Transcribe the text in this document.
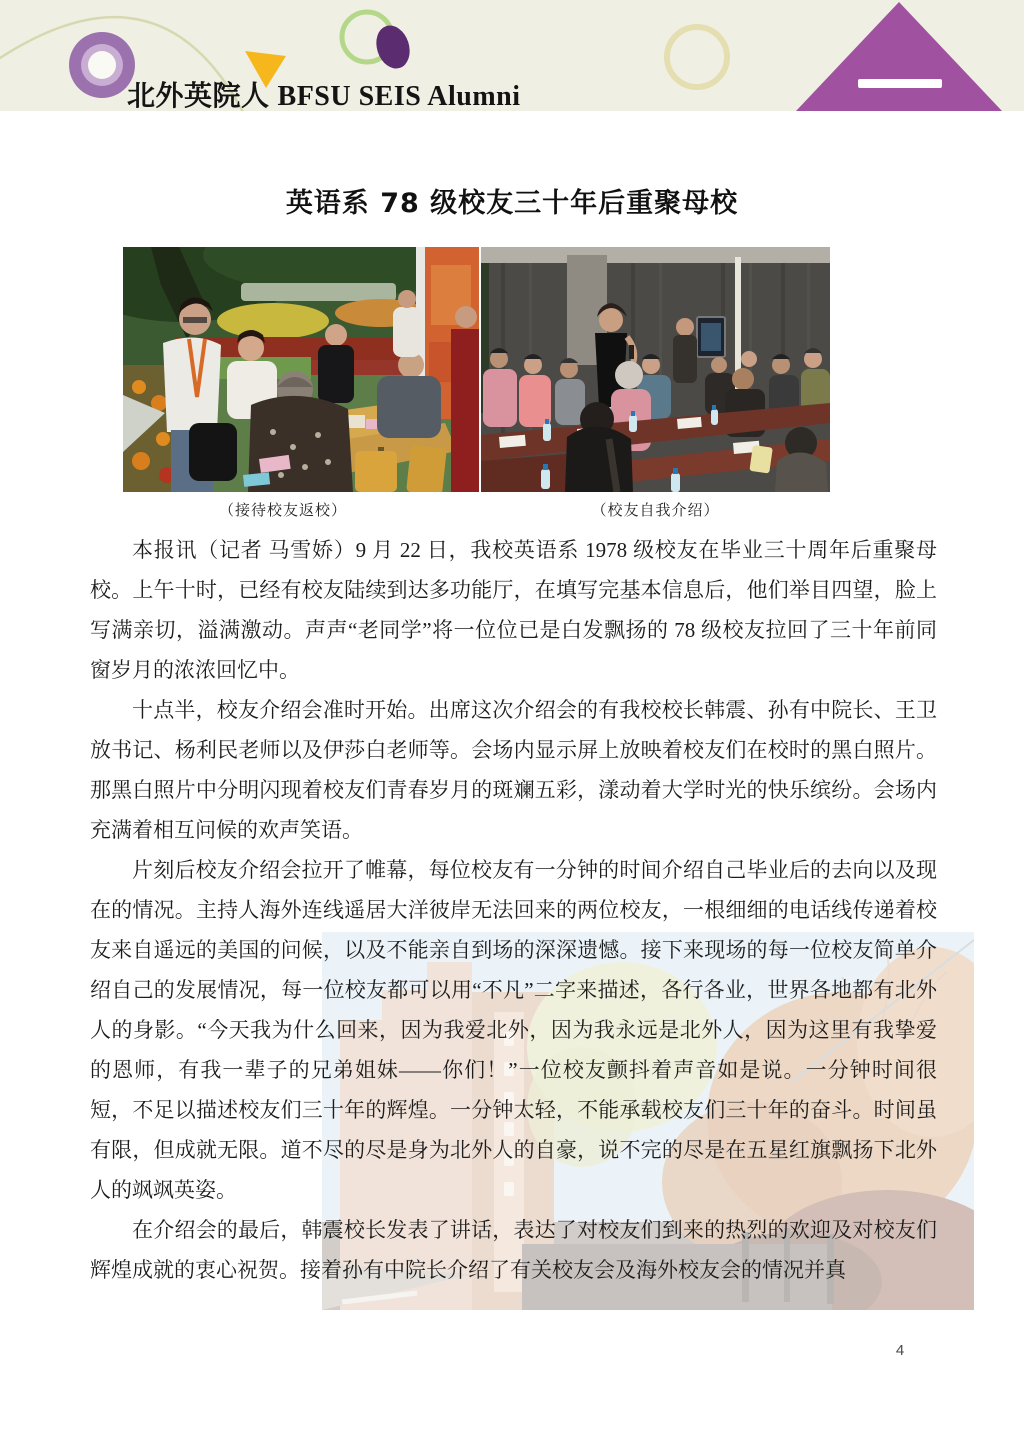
北外英院人 BFSU SEIS Alumni
英语系 78 级校友三十年后重聚母校
（接待校友返校）	（校友自我介绍）

本报讯（记者 马雪娇）9 月 22 日，我校英语系 1978 级校友在毕业三十周年后重聚母校。上午十时，已经有校友陆续到达多功能厅，在填写完基本信息后，他们举目四望，脸上写满亲切，溢满激动。声声“老同学”将一位位已是白发飘扬的 78 级校友拉回了三十年前同窗岁月的浓浓回忆中。

十点半，校友介绍会准时开始。出席这次介绍会的有我校校长韩震、孙有中院长、王卫放书记、杨利民老师以及伊莎白老师等。会场内显示屏上放映着校友们在校时的黑白照片。那黑白照片中分明闪现着校友们青春岁月的斑斓五彩，漾动着大学时光的快乐缤纷。会场内充满着相互问候的欢声笑语。

片刻后校友介绍会拉开了帷幕，每位校友有一分钟的时间介绍自己毕业后的去向以及现在的情况。主持人海外连线遥居大洋彼岸无法回来的两位校友，一根细细的电话线传递着校友来自遥远的美国的问候，以及不能亲自到场的深深遗憾。接下来现场的每一位校友简单介绍自己的发展情况，每一位校友都可以用“不凡”二字来描述，各行各业，世界各地都有北外人的身影。“今天我为什么回来，因为我爱北外，因为我永远是北外人，因为这里有我挚爱的恩师，有我一辈子的兄弟姐妹——你们！”一位校友颤抖着声音如是说。一分钟时间很短，不足以描述校友们三十年的辉煌。一分钟太轻，不能承载校友们三十年的奋斗。时间虽有限，但成就无限。道不尽的尽是身为北外人的自豪，说不完的尽是在五星红旗飘扬下北外人的飒飒英姿。

在介绍会的最后，韩震校长发表了讲话，表达了对校友们到来的热烈的欢迎及对校友们辉煌成就的衷心祝贺。接着孙有中院长介绍了有关校友会及海外校友会的情况并真

4
